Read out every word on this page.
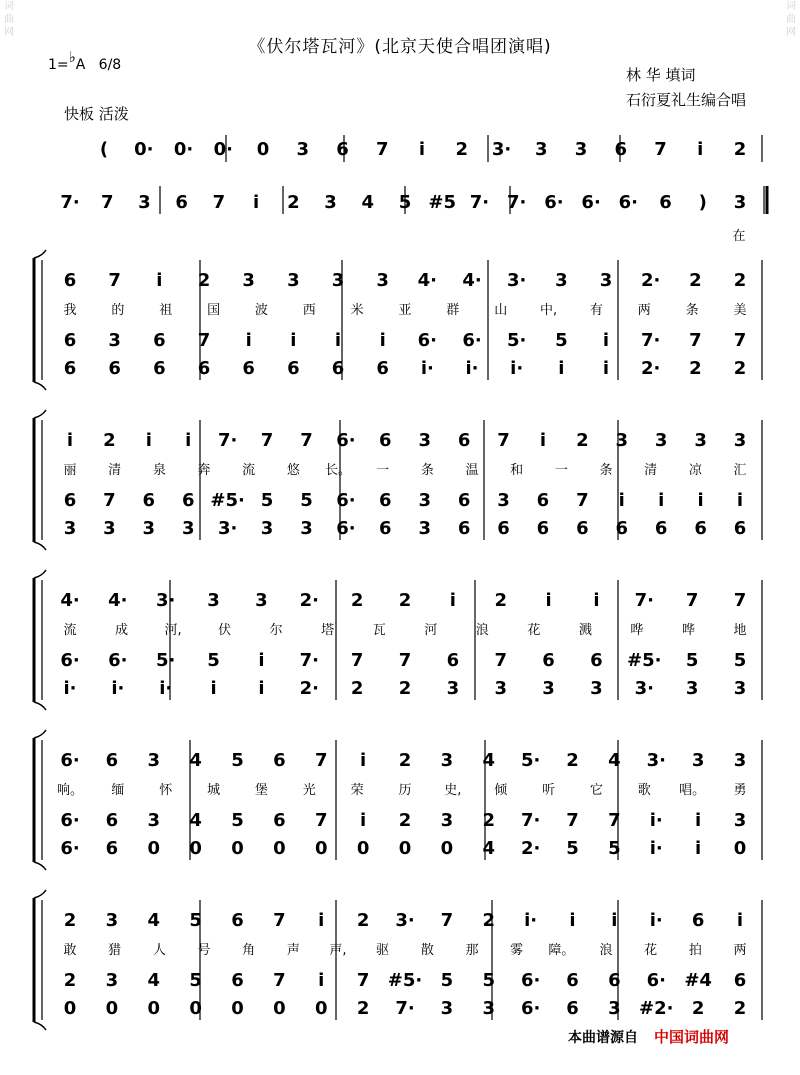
词
曲
网
词
曲
网
《伏尔塔瓦河》(北京天使合唱团演唱)
1=♭A 6/8
林 华 填词
石衍夏礼生编合唱
快板 活泼
( 0· 0· 0· 0 3 6 7 i 2 3· 3 3 6 7 i 2
7· 7 3 6 7 i 2 3 4 5 #5 7· 7· 6· 6· 6· 6 ) 3
在
6 7 i 2 3 3 3 3 4· 4· 3· 3 3 2· 2 2
我	的	祖	国	波	西	米	亚	群	山	中,	有	两	条	美
6 3 6 7 i i i i 6· 6· 5· 5 i 7· 7 7
6 6 6 6 6 6 6 6 i· i· i· i i 2· 2 2
i 2 i i 7· 7 7 6· 6 3 6 7 i 2 3 3 3 3
丽 清 泉 奔 流 悠 长。 一 条 温 和 一 条 清 凉 汇
6 7 6 6 #5· 5 5 6· 6 3 6 3 6 7 i i i i
3 3 3 3 3· 3 3 6· 6 3 6 6 6 6 6 6 6 6
4· 4· 3· 3 3 2· 2 2 i 2 i i 7· 7 7
流	成	河,	伏	尔	塔	瓦	河	浪	花	溅	哗	哗	地
6· 6· 5· 5 i 7· 7 7 6 7 6 6 #5· 5 5
i· i· i· i i 2· 2 2 3 3 3 3 3· 3 3
6· 6 3 4 5 6 7 i 2 3 4 5· 2 4 3· 3 3
响。 缅	怀	城	堡	光	荣	历	史,	倾	听	它	歌 唱。 勇
6· 6 3 4 5 6 7 i 2 3 2 7· 7 7 i· i 3
6· 6 0 0 0 0 0 0 0 0 4 2· 5 5 i· i 0
2 3 4 5 6 7 i 2 3· 7 2 i· i i i· 6 i
敢 猎 人 号 角 声 声, 驱 散 那 雾 障。 浪 花 拍 两
2 3 4 5 6 7 i 7 #5· 5 5 6· 6 6 6· #4 6
0 0 0 0 0 0 0 2 7· 3 3 6· 6 3 #2· 2 2
本曲谱源自 中国词曲网
